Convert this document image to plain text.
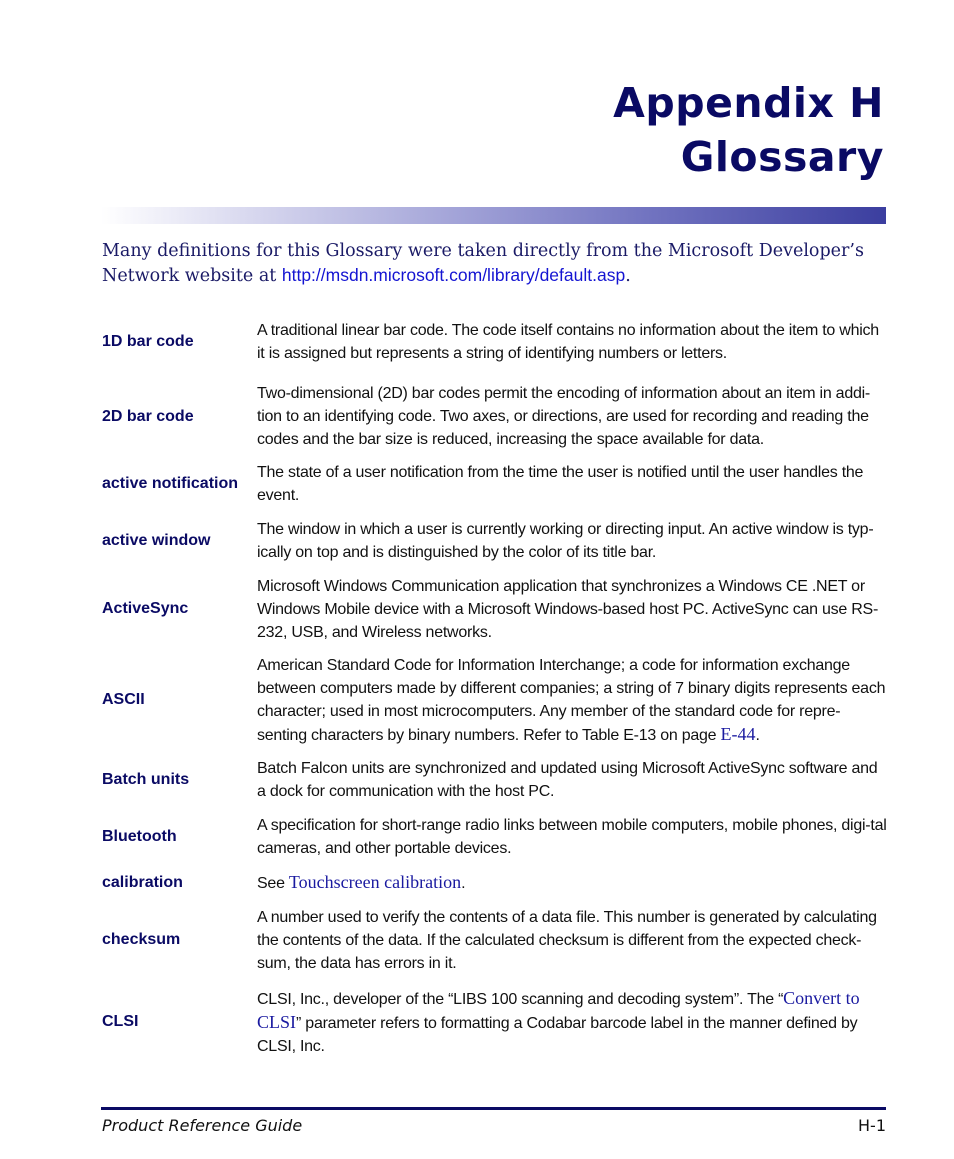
Appendix H
Glossary
Many definitions for this Glossary were taken directly from the Microsoft Developer’s Network website at http://msdn.microsoft.com/library/default.asp.
1D bar code
A traditional linear bar code. The code itself contains no information about the item to which it is assigned but represents a string of identifying numbers or letters.
2D bar code
Two-dimensional (2D) bar codes permit the encoding of information about an item in addi-tion to an identifying code. Two axes, or directions, are used for recording and reading the codes and the bar size is reduced, increasing the space available for data.
active notification
The state of a user notification from the time the user is notified until the user handles the event.
active window
The window in which a user is currently working or directing input. An active window is typ-ically on top and is distinguished by the color of its title bar.
ActiveSync
Microsoft Windows Communication application that synchronizes a Windows CE .NET or Windows Mobile device with a Microsoft Windows-based host PC. ActiveSync can use RS-232, USB, and Wireless networks.
ASCII
American Standard Code for Information Interchange; a code for information exchange between computers made by different companies; a string of 7 binary digits represents each character; used in most microcomputers. Any member of the standard code for repre-senting characters by binary numbers. Refer to Table E-13 on page E-44.
Batch units
Batch Falcon units are synchronized and updated using Microsoft ActiveSync software and a dock for communication with the host PC.
Bluetooth
A specification for short-range radio links between mobile computers, mobile phones, digi-tal cameras, and other portable devices.
calibration	See Touchscreen calibration.
checksum
A number used to verify the contents of a data file. This number is generated by calculating the contents of the data. If the calculated checksum is different from the expected check-sum, the data has errors in it.
CLSI
CLSI, Inc., developer of the “LIBS 100 scanning and decoding system”. The “Convert to CLSI” parameter refers to formatting a Codabar barcode label in the manner defined by CLSI, Inc.
Product Reference Guide	H-1
